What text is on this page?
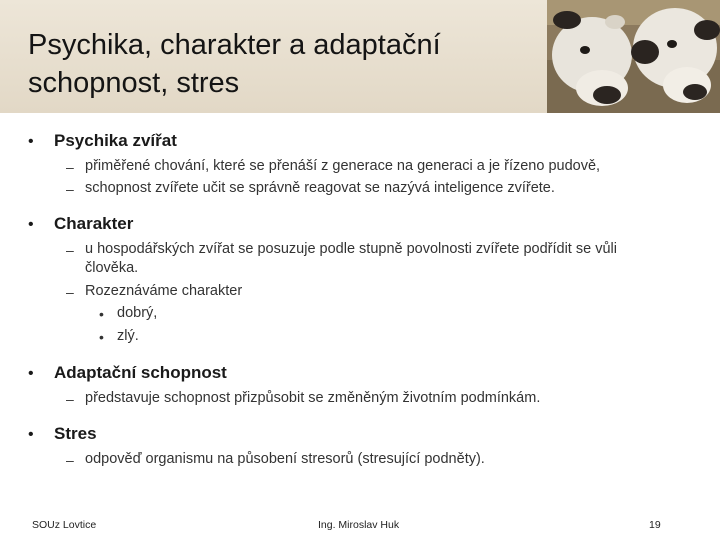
Psychika, charakter a adaptační schopnost, stres
• Psychika zvířat
– přiměřené chování, které se přenáší z generace na generaci a je řízeno pudově,
– schopnost zvířete učit se správně reagovat se nazývá inteligence zvířete.
• Charakter
– u hospodářských zvířat se posuzuje podle stupně povolnosti zvířete podřídit se vůli člověka.
– Rozeznáváme charakter
• dobrý,
• zlý.
• Adaptační schopnost
– představuje schopnost přizpůsobit se změněným životním podmínkám.
• Stres
– odpověď organismu na působení stresorů (stresující podněty).
SOUz Lovtice	Ing. Miroslav Huk	19
